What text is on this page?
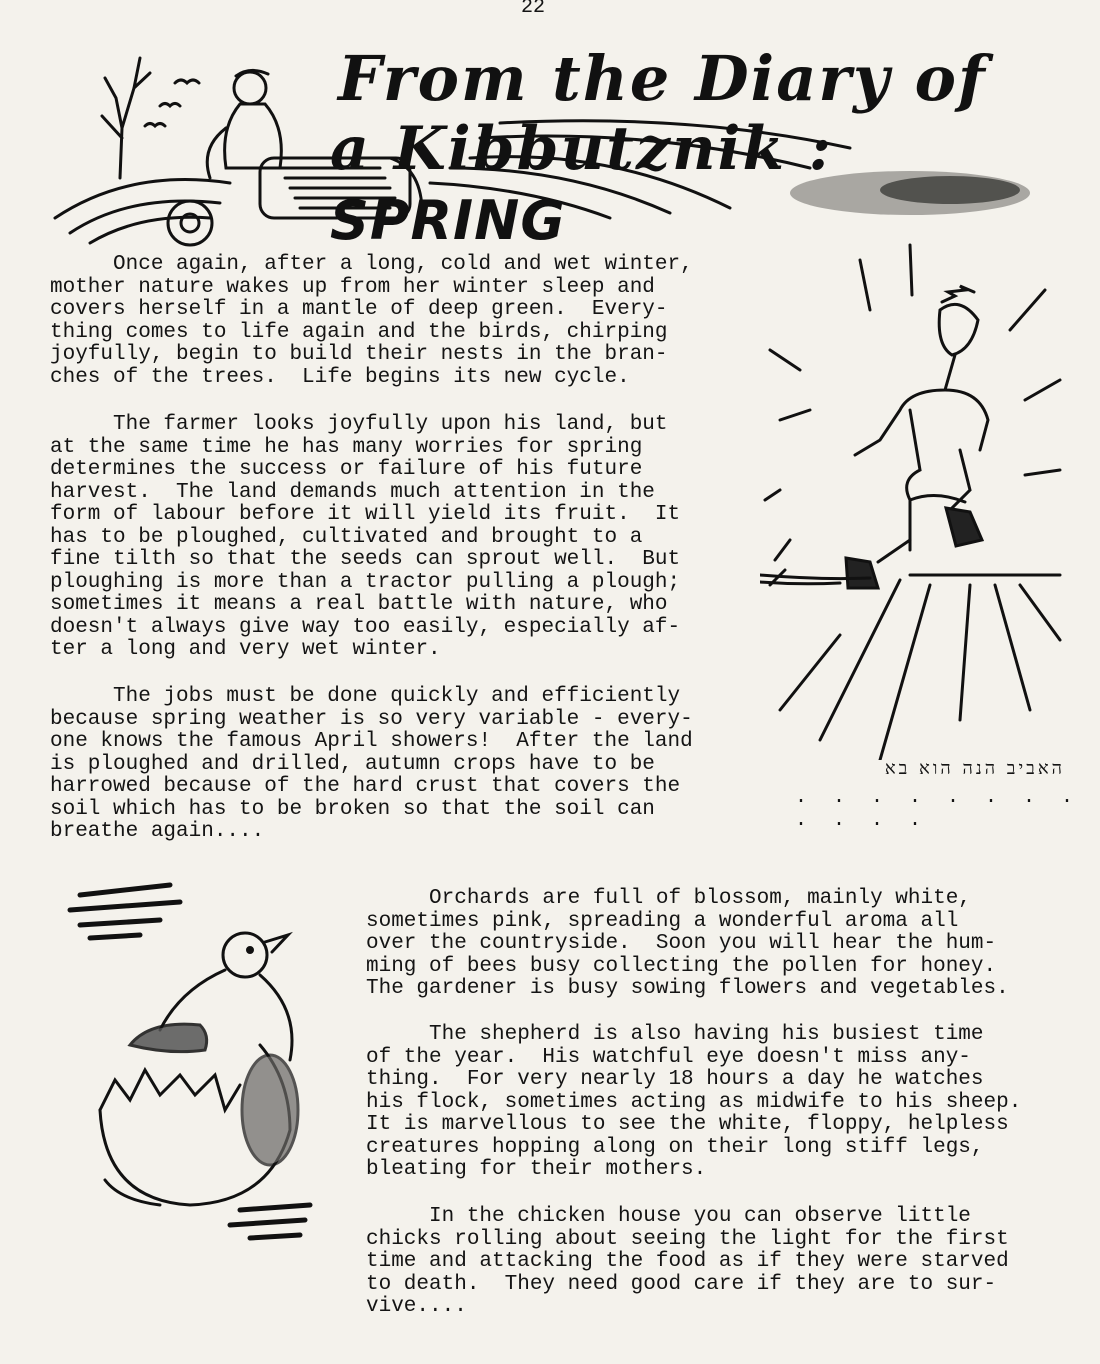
22
From the Diary of
a Kibbutznik : SPRING
Once again, after a long, cold and wet winter,
mother nature wakes up from her winter sleep and
covers herself in a mantle of deep green.  Every-
thing comes to life again and the birds, chirping
joyfully, begin to build their nests in the bran-
ches of the trees.  Life begins its new cycle.
The farmer looks joyfully upon his land, but
at the same time he has many worries for spring
determines the success or failure of his future
harvest.  The land demands much attention in the
form of labour before it will yield its fruit.  It
has to be ploughed, cultivated and brought to a
fine tilth so that the seeds can sprout well.  But
ploughing is more than a tractor pulling a plough;
sometimes it means a real battle with nature, who
doesn't always give way too easily, especially af-
ter a long and very wet winter.
The jobs must be done quickly and efficiently
because spring weather is so very variable - every-
one knows the famous April showers!  After the land
is ploughed and drilled, autumn crops have to be
harrowed because of the hard crust that covers the
soil which has to be broken so that the soil can
breathe again....
Orchards are full of blossom, mainly white,
sometimes pink, spreading a wonderful aroma all
over the countryside.  Soon you will hear the hum-
ming of bees busy collecting the pollen for honey.
The gardener is busy sowing flowers and vegetables.
The shepherd is also having his busiest time
of the year.  His watchful eye doesn't miss any-
thing.  For very nearly 18 hours a day he watches
his flock, sometimes acting as midwife to his sheep.
It is marvellous to see the white, floppy, helpless
creatures hopping along on their long stiff legs,
bleating for their mothers.
In the chicken house you can observe little
chicks rolling about seeing the light for the first
time and attacking the food as if they were starved
to death.  They need good care if they are to sur-
vive....
האביב הנה הוא בא
. . . . . . . . . . . .
